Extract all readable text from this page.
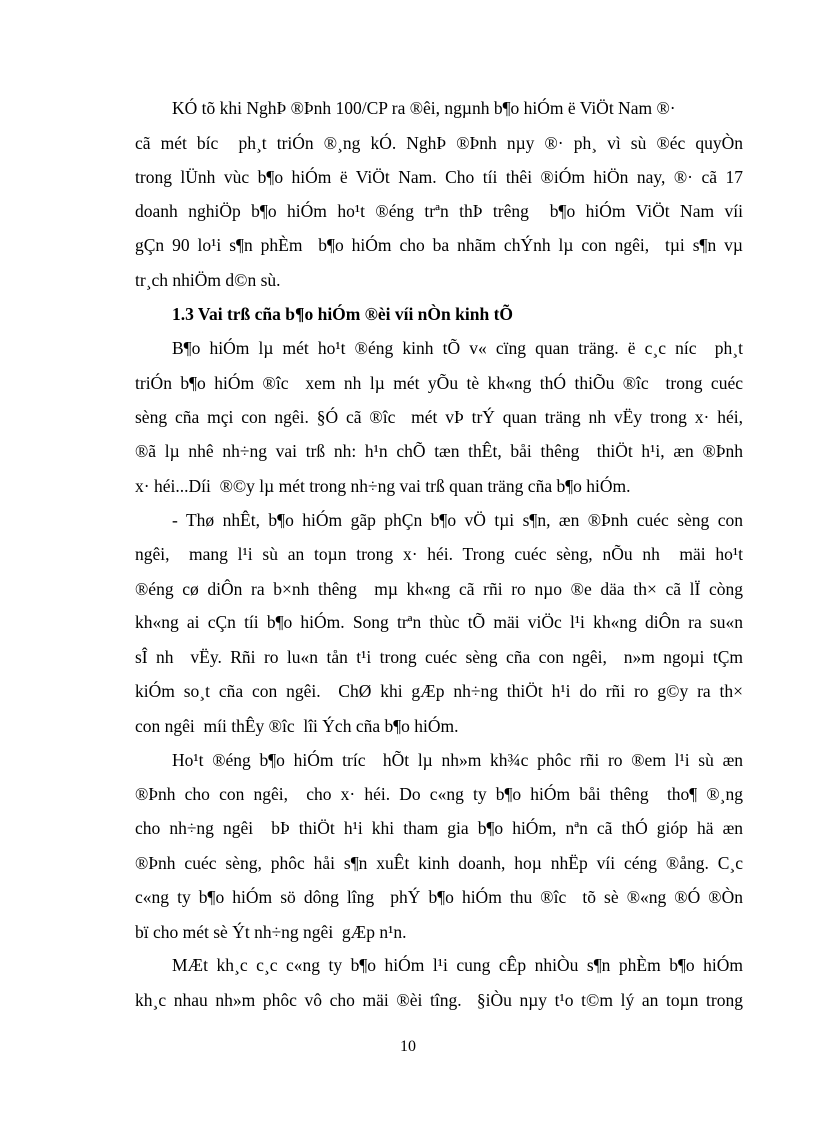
KÓ tõ khi NghÞ ®Þnh 100/CP ra ®êi, ngµnh b¶o hiÓm ë ViÖt Nam ®·
cã mét bíc  ph¸t triÓn ®¸ng kÓ. NghÞ ®Þnh nµy ®· ph¸ vì sù ®éc quyÒn
trong lÜnh vùc b¶o hiÓm ë ViÖt Nam. Cho tíi thêi ®iÓm hiÖn nay, ®· cã 17
doanh nghiÖp b¶o hiÓm ho¹t ®éng trªn thÞ trêng  b¶o hiÓm ViÖt Nam víi
gÇn 90 lo¹i s¶n phÈm  b¶o hiÓm cho ba nhãm chÝnh lµ con ngêi,  tµi s¶n vµ
tr¸ch nhiÖm d©n sù.
1.3 Vai trß cña b¶o hiÓm ®èi víi nÒn kinh tÕ
B¶o hiÓm lµ mét ho¹t ®éng kinh tÕ v« cïng quan träng. ë c¸c níc  ph¸t
triÓn b¶o hiÓm ®îc  xem nh lµ mét yÕu tè kh«ng thÓ thiÕu ®îc  trong cuéc
sèng cña mçi con ngêi. §Ó cã ®îc  mét vÞ trÝ quan träng nh vËy trong x· héi,
®ã lµ nhê nh÷ng vai trß nh: h¹n chÕ tæn thÊt, båi thêng  thiÖt h¹i, æn ®Þnh
x· héi...Díi  ®©y lµ mét trong nh÷ng vai trß quan träng cña b¶o hiÓm.
- Thø nhÊt, b¶o hiÓm gãp phÇn b¶o vÖ tµi s¶n, æn ®Þnh cuéc sèng con
ngêi,  mang l¹i sù an toµn trong x· héi. Trong cuéc sèng, nÕu nh  mäi ho¹t
®éng cø diÔn ra b×nh thêng  mµ kh«ng cã rñi ro nµo ®e däa th× cã lÏ còng
kh«ng ai cÇn tíi b¶o hiÓm. Song trªn thùc tÕ mäi viÖc l¹i kh«ng diÔn ra su«n
sÎ nh  vËy. Rñi ro lu«n tån t¹i trong cuéc sèng cña con ngêi,  n»m ngoµi tÇm
kiÓm so¸t cña con ngêi.  ChØ khi gÆp nh÷ng thiÖt h¹i do rñi ro g©y ra th×
con ngêi  míi thÊy ®îc  lîi Ých cña b¶o hiÓm.
Ho¹t ®éng b¶o hiÓm tríc  hÕt lµ nh»m kh¾c phôc rñi ro ®em l¹i sù æn
®Þnh cho con ngêi,  cho x· héi. Do c«ng ty b¶o hiÓm båi thêng  tho¶ ®¸ng
cho nh÷ng ngêi  bÞ thiÖt h¹i khi tham gia b¶o hiÓm, nªn cã thÓ gióp hä æn
®Þnh cuéc sèng, phôc håi s¶n xuÊt kinh doanh, hoµ nhËp víi céng ®ång. C¸c
c«ng ty b¶o hiÓm sö dông lîng  phÝ b¶o hiÓm thu ®îc  tõ sè ®«ng ®Ó ®Òn
bï cho mét sè Ýt nh÷ng ngêi  gÆp n¹n.
MÆt kh¸c c¸c c«ng ty b¶o hiÓm l¹i cung cÊp nhiÒu s¶n phÈm b¶o hiÓm
kh¸c nhau nh»m phôc vô cho mäi ®èi tîng.  §iÒu nµy t¹o t©m lý an toµn trong
10
